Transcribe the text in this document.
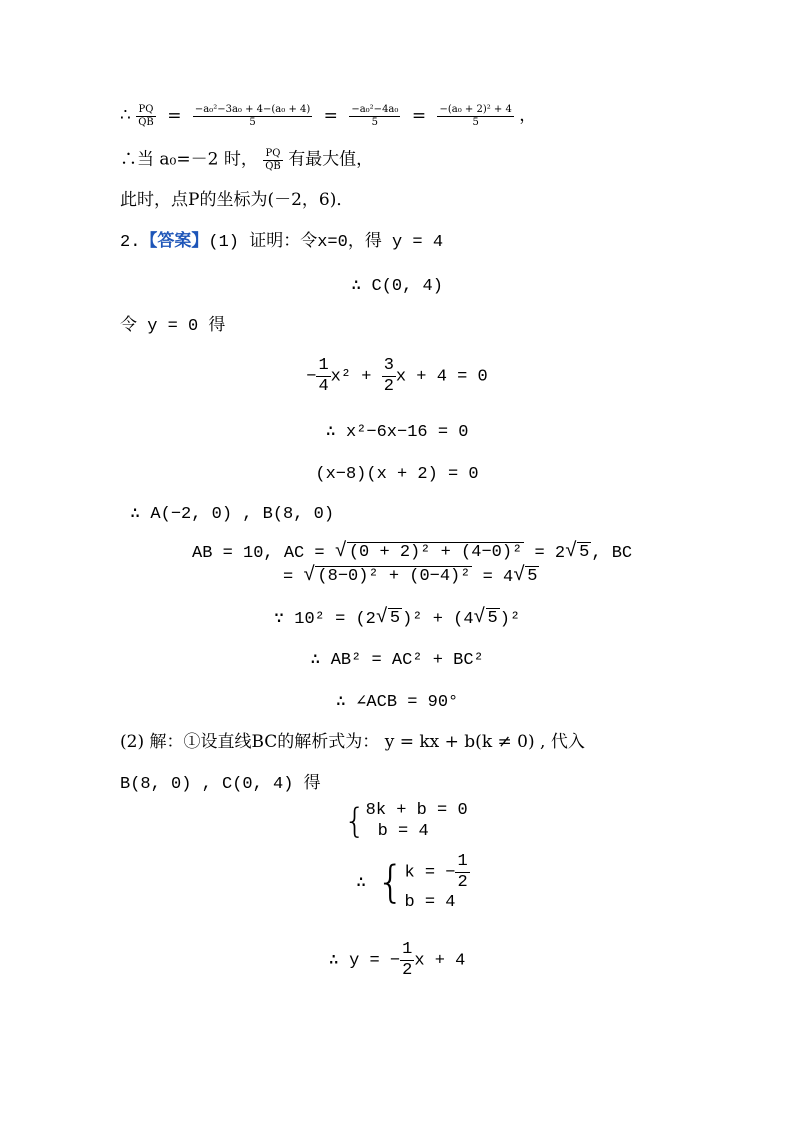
∴ $\frac{PQ}{QB} = \frac{\text{−a₀²−3a₀ + 4−(a₀ + 4)}}{5} = \frac{\text{−a₀²−4a₀}}{5} = \frac{\text{−(a₀ + 2)² + 4}}{5}$ ，
∴当 a₀=－2 时， $\frac{PQ}{QB}$ 有最大值，
此时，点P的坐标为(－2，6)．
2.【答案】(1) 证明：令x=0，得 y = 4
∴ C(0, 4)
令 y = 0 得
− $\frac{1}{4} x^2 + \frac{3}{2}$ x + 4 = 0
∴ x²−6x−16 = 0
(x−8)(x + 2) = 0
∴ A(−2, 0) , B(8, 0)
AB = 10, AC = √ (0 + 2)² + (4−0)² = 2√ 5 , BC
= √ (8−0)² + (0−4)² = 4√ 5
∵ 10² = (2√ 5 )² + (4√ 5 )²
∴ AB² = AC² + BC²
∴ ∠ACB = 90°
(2) 解：①设直线BC的解析式为： y = kx + b(k ≠ 0) , 代入
B(8, 0) , C(0, 4) 得
{ 8k + b = 0
b = 4
∴ { k = − $\frac{1}{2}$
b = 4
∴ y = − $\frac{1}{2}$ x + 4
